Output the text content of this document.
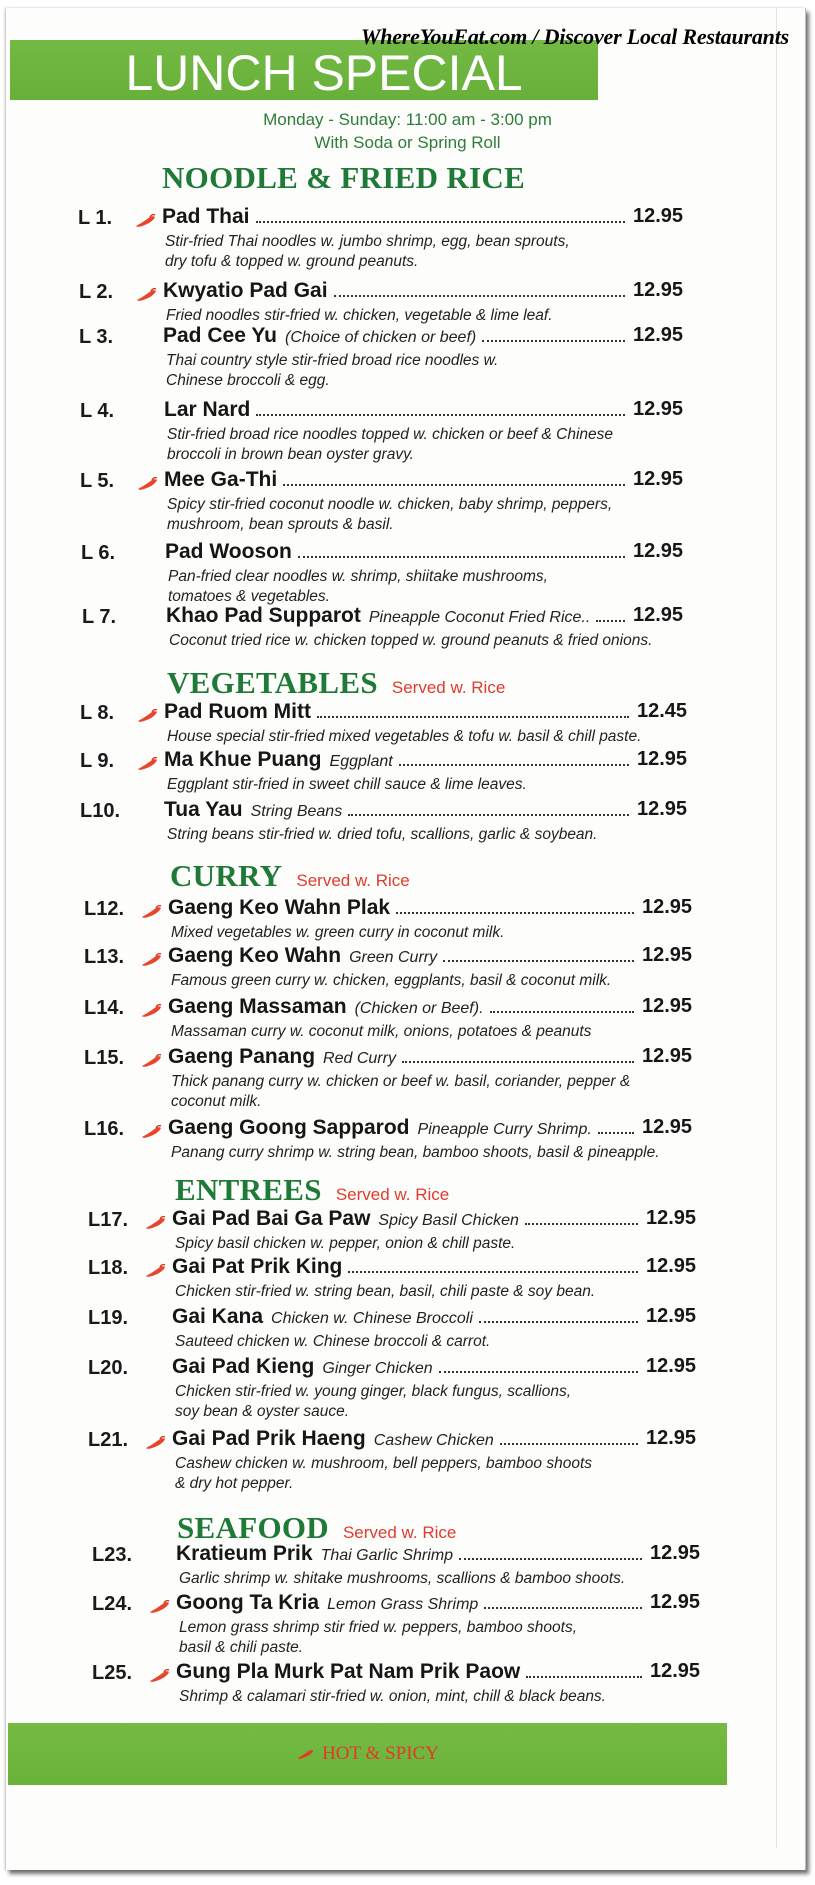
WhereYouEat.com / Discover Local Restaurants
LUNCH SPECIAL
Monday - Sunday: 11:00 am - 3:00 pm
With Soda or Spring Roll
NOODLE & FRIED RICE
L 1. Pad Thai	12.95
Stir-fried Thai noodles w. jumbo shrimp, egg, bean sprouts,
dry tofu & topped w. ground peanuts.
L 2. Kwyatio Pad Gai	12.95
Fried noodles stir-fried w. chicken, vegetable & lime leaf.
L 3. Pad Cee Yu (Choice of chicken or beef)	12.95
Thai country style stir-fried broad rice noodles w.
Chinese broccoli & egg.
L 4. Lar Nard	12.95
Stir-fried broad rice noodles topped w. chicken or beef & Chinese
broccoli in brown bean oyster gravy.
L 5. Mee Ga-Thi	12.95
Spicy stir-fried coconut noodle w. chicken, baby shrimp, peppers,
mushroom, bean sprouts & basil.
L 6. Pad Wooson	12.95
Pan-fried clear noodles w. shrimp, shiitake mushrooms,
tomatoes & vegetables.
L 7. Khao Pad Supparot Pineapple Coconut Fried Rice.. 12.95
Coconut tried rice w. chicken topped w. ground peanuts & fried onions.
VEGETABLES Served w. Rice
L 8. Pad Ruom Mitt	12.45
House special stir-fried mixed vegetables & tofu w. basil & chill paste.
L 9. Ma Khue Puang Eggplant	12.95
Eggplant stir-fried in sweet chill sauce & lime leaves.
L10. Tua Yau String Beans	12.95
String beans stir-fried w. dried tofu, scallions, garlic & soybean.
CURRY Served w. Rice
L12. Gaeng Keo Wahn Plak	12.95
Mixed vegetables w. green curry in coconut milk.
L13. Gaeng Keo Wahn Green Curry	12.95
Famous green curry w. chicken, eggplants, basil & coconut milk.
L14. Gaeng Massaman (Chicken or Beef).	12.95
Massaman curry w. coconut milk, onions, potatoes & peanuts
L15. Gaeng Panang Red Curry	12.95
Thick panang curry w. chicken or beef w. basil, coriander, pepper &
coconut milk.
L16. Gaeng Goong Sapparod Pineapple Curry Shrimp.	12.95
Panang curry shrimp w. string bean, bamboo shoots, basil & pineapple.
ENTREES Served w. Rice
L17. Gai Pad Bai Ga Paw Spicy Basil Chicken	12.95
Spicy basil chicken w. pepper, onion & chill paste.
L18. Gai Pat Prik King	12.95
Chicken stir-fried w. string bean, basil, chili paste & soy bean.
L19. Gai Kana Chicken w. Chinese Broccoli	12.95
Sauteed chicken w. Chinese broccoli & carrot.
L20. Gai Pad Kieng Ginger Chicken	12.95
Chicken stir-fried w. young ginger, black fungus, scallions,
soy bean & oyster sauce.
L21. Gai Pad Prik Haeng Cashew Chicken	12.95
Cashew chicken w. mushroom, bell peppers, bamboo shoots
& dry hot pepper.
SEAFOOD Served w. Rice
L23. Kratieum Prik Thai Garlic Shrimp	12.95
Garlic shrimp w. shitake mushrooms, scallions & bamboo shoots.
L24. Goong Ta Kria Lemon Grass Shrimp	12.95
Lemon grass shrimp stir fried w. peppers, bamboo shoots,
basil & chili paste.
L25. Gung Pla Murk Pat Nam Prik Paow	12.95
Shrimp & calamari stir-fried w. onion, mint, chill & black beans.
HOT & SPICY
